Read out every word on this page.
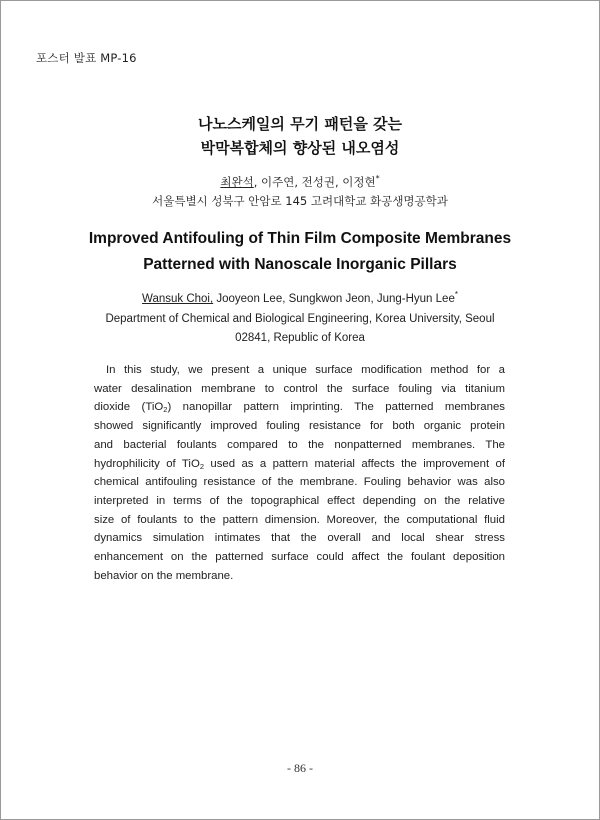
포스터 발표 MP-16
나노스케일의 무기 패턴을 갖는
박막복합체의 향상된 내오염성
최완석, 이주연, 전성권, 이정현*
서울특별시 성북구 안암로 145 고려대학교 화공생명공학과
Improved Antifouling of Thin Film Composite Membranes
Patterned with Nanoscale Inorganic Pillars
Wansuk Choi, Jooyeon Lee, Sungkwon Jeon, Jung-Hyun Lee*
Department of Chemical and Biological Engineering, Korea University, Seoul
02841, Republic of Korea
In this study, we present a unique surface modification method for a
water desalination membrane to control the surface fouling via titanium
dioxide (TiO$_2$) nanopillar pattern imprinting. The patterned membranes
showed significantly improved fouling resistance for both organic protein
and bacterial foulants compared to the nonpatterned membranes. The
hydrophilicity of TiO$_2$ used as a pattern material affects the improvement of
chemical antifouling resistance of the membrane. Fouling behavior was also
interpreted in terms of the topographical effect depending on the relative
size of foulants to the pattern dimension. Moreover, the computational fluid
dynamics simulation intimates that the overall and local shear stress
enhancement on the patterned surface could affect the foulant deposition
behavior on the membrane.
- 86 -
